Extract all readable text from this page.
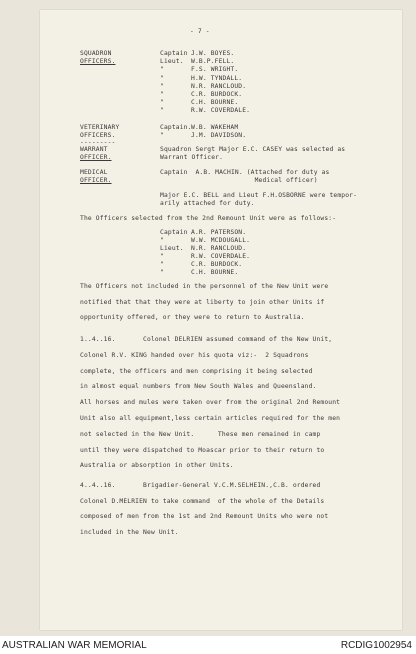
- 7 -
SQUADRON
OFFICERS.
Captain J.W. BOYES.
Lieut. W.B.P.FELL.
"	F.S. WRIGHT.
"	H.W. TYNDALL.
"	N.R. RANCLOUD.
"	C.R. BURDOCK.
"	C.H. BOURNE.
"	R.W. COVERDALE.
VETERINARY
OFFICERS.
---------
Captain. W.B. WAKEHAM
"	J.M. DAVIDSON.
WARRANT
OFFICER.
Squadron Sergt Major E.C. CASEY was selected as
Warrant Officer.
MEDICAL
OFFICER.
Captain  A.B. MACHIN. (Attached for duty as
Medical officer)
Major E.C. BELL and Lieut F.H.OSBORNE were tempor-
arily attached for duty.
The Officers selected from the 2nd Remount Unit were as follows:-
Captain A.R. PATERSON.
"	W.W. MCDOUGALL.
Lieut. N.R. RANCLOUD.
"	R.W. COVERDALE.
"	C.R. BURDOCK.
"	C.H. BOURNE.
The Officers not included in the personnel of the New Unit were
notified that that they were at liberty to join other Units if
opportunity offered, or they were to return to Australia.
1..4..16.       Colonel DELRIEN assumed command of the New Unit,
Colonel R.V. KING handed over his quota viz:-  2 Squadrons
complete, the officers and men comprising it being selected
in almost equal numbers from New South Wales and Queensland.
All horses and mules were taken over from the original 2nd Remount
Unit also all equipment,less certain articles required for the men
not selected in the New Unit.      These men remained in camp
until they were dispatched to Moascar prior to their return to
Australia or absorption in other Units.
4..4..16.       Brigadier-General V.C.M.SELHEIN.,C.B. ordered
Colonel D.MELRIEN to take command  of the whole of the Details
composed of men from the 1st and 2nd Remount Units who were not
included in the New Unit.
AUSTRALIAN WAR MEMORIAL	RCDIG1002954
